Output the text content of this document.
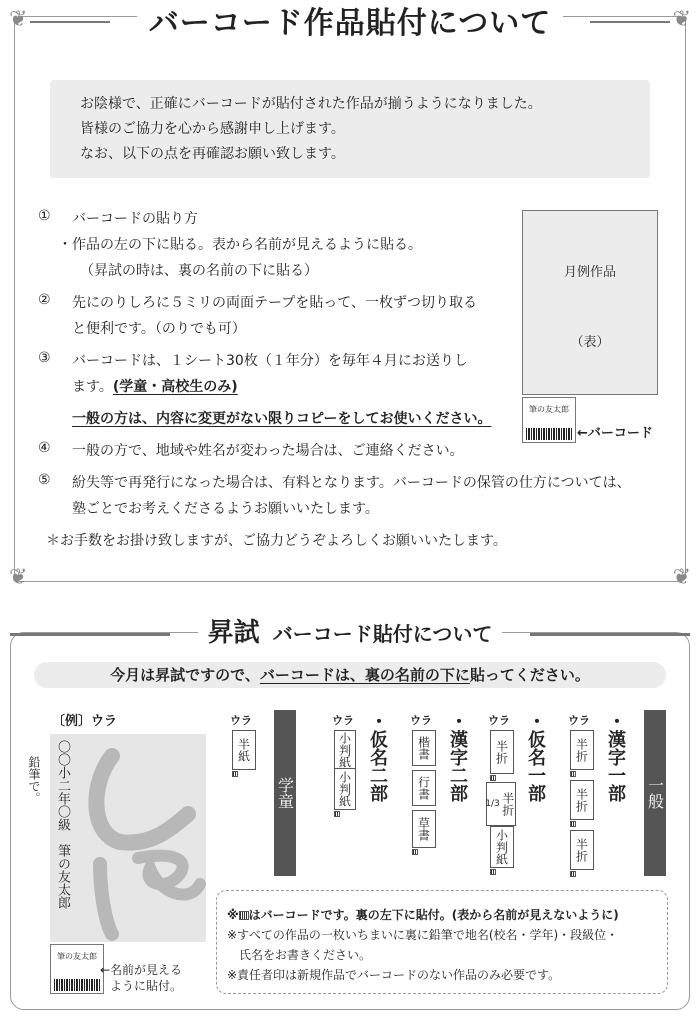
❦	❦
❦	❦
バーコード作品貼付について

お陰様で、正確にバーコードが貼付された作品が揃うようになりました。

皆様のご協力を心から感謝申し上げます。

なお、以下の点を再確認お願い致します。

①	バーコードの貼り方
・作品の左の下に貼る。表から名前が見えるように貼る。
（昇試の時は、裏の名前の下に貼る）
②	先にのりしろに５ミリの両面テープを貼って、一枚ずつ切り取る
と便利です。（のりでも可）
③	バーコードは、１シート30枚（１年分）を毎年４月にお送りし
ます。(学童・高校生のみ)
一般の方は、内容に変更がない限りコピーをしてお使いください。
④	一般の方で、地域や姓名が変わった場合は、ご連絡ください。
⑤	紛失等で再発行になった場合は、有料となります。バーコードの保管の仕方については、
塾ごとでお考えくださるようお願いいたします。
＊お手数をお掛け致しますが、ご協力どうぞよろしくお願いいたします。
月例作品
（表）
筆の友太郎
←バーコード
昇試 バーコード貼付について
今月は昇試ですので、バーコードは、裏の名前の下に貼ってください。
〔例〕ウラ
鉛筆で。 〇〇小二年〇級　筆の友太郎
筆の友太郎
← 名前が見える

ように貼付。

ウラ
半紙
学童
ウラ
小判紙
小判紙 ・仮名二部 ウラ
楷書
行書
草書
・漢字二部 ウラ
半折
半折
1/3
小判紙
・仮名一部 ウラ
半折
半折
半折
・漢字一部 一般

※ はバーコードです。裏の左下に貼付。(表から名前が見えないように)

※すべての作品の一枚いちまいに裏に鉛筆で地名(校名・学年)・段級位・

　氏名をお書きください。

※責任者印は新規作品でバーコードのない作品のみ必要です。
